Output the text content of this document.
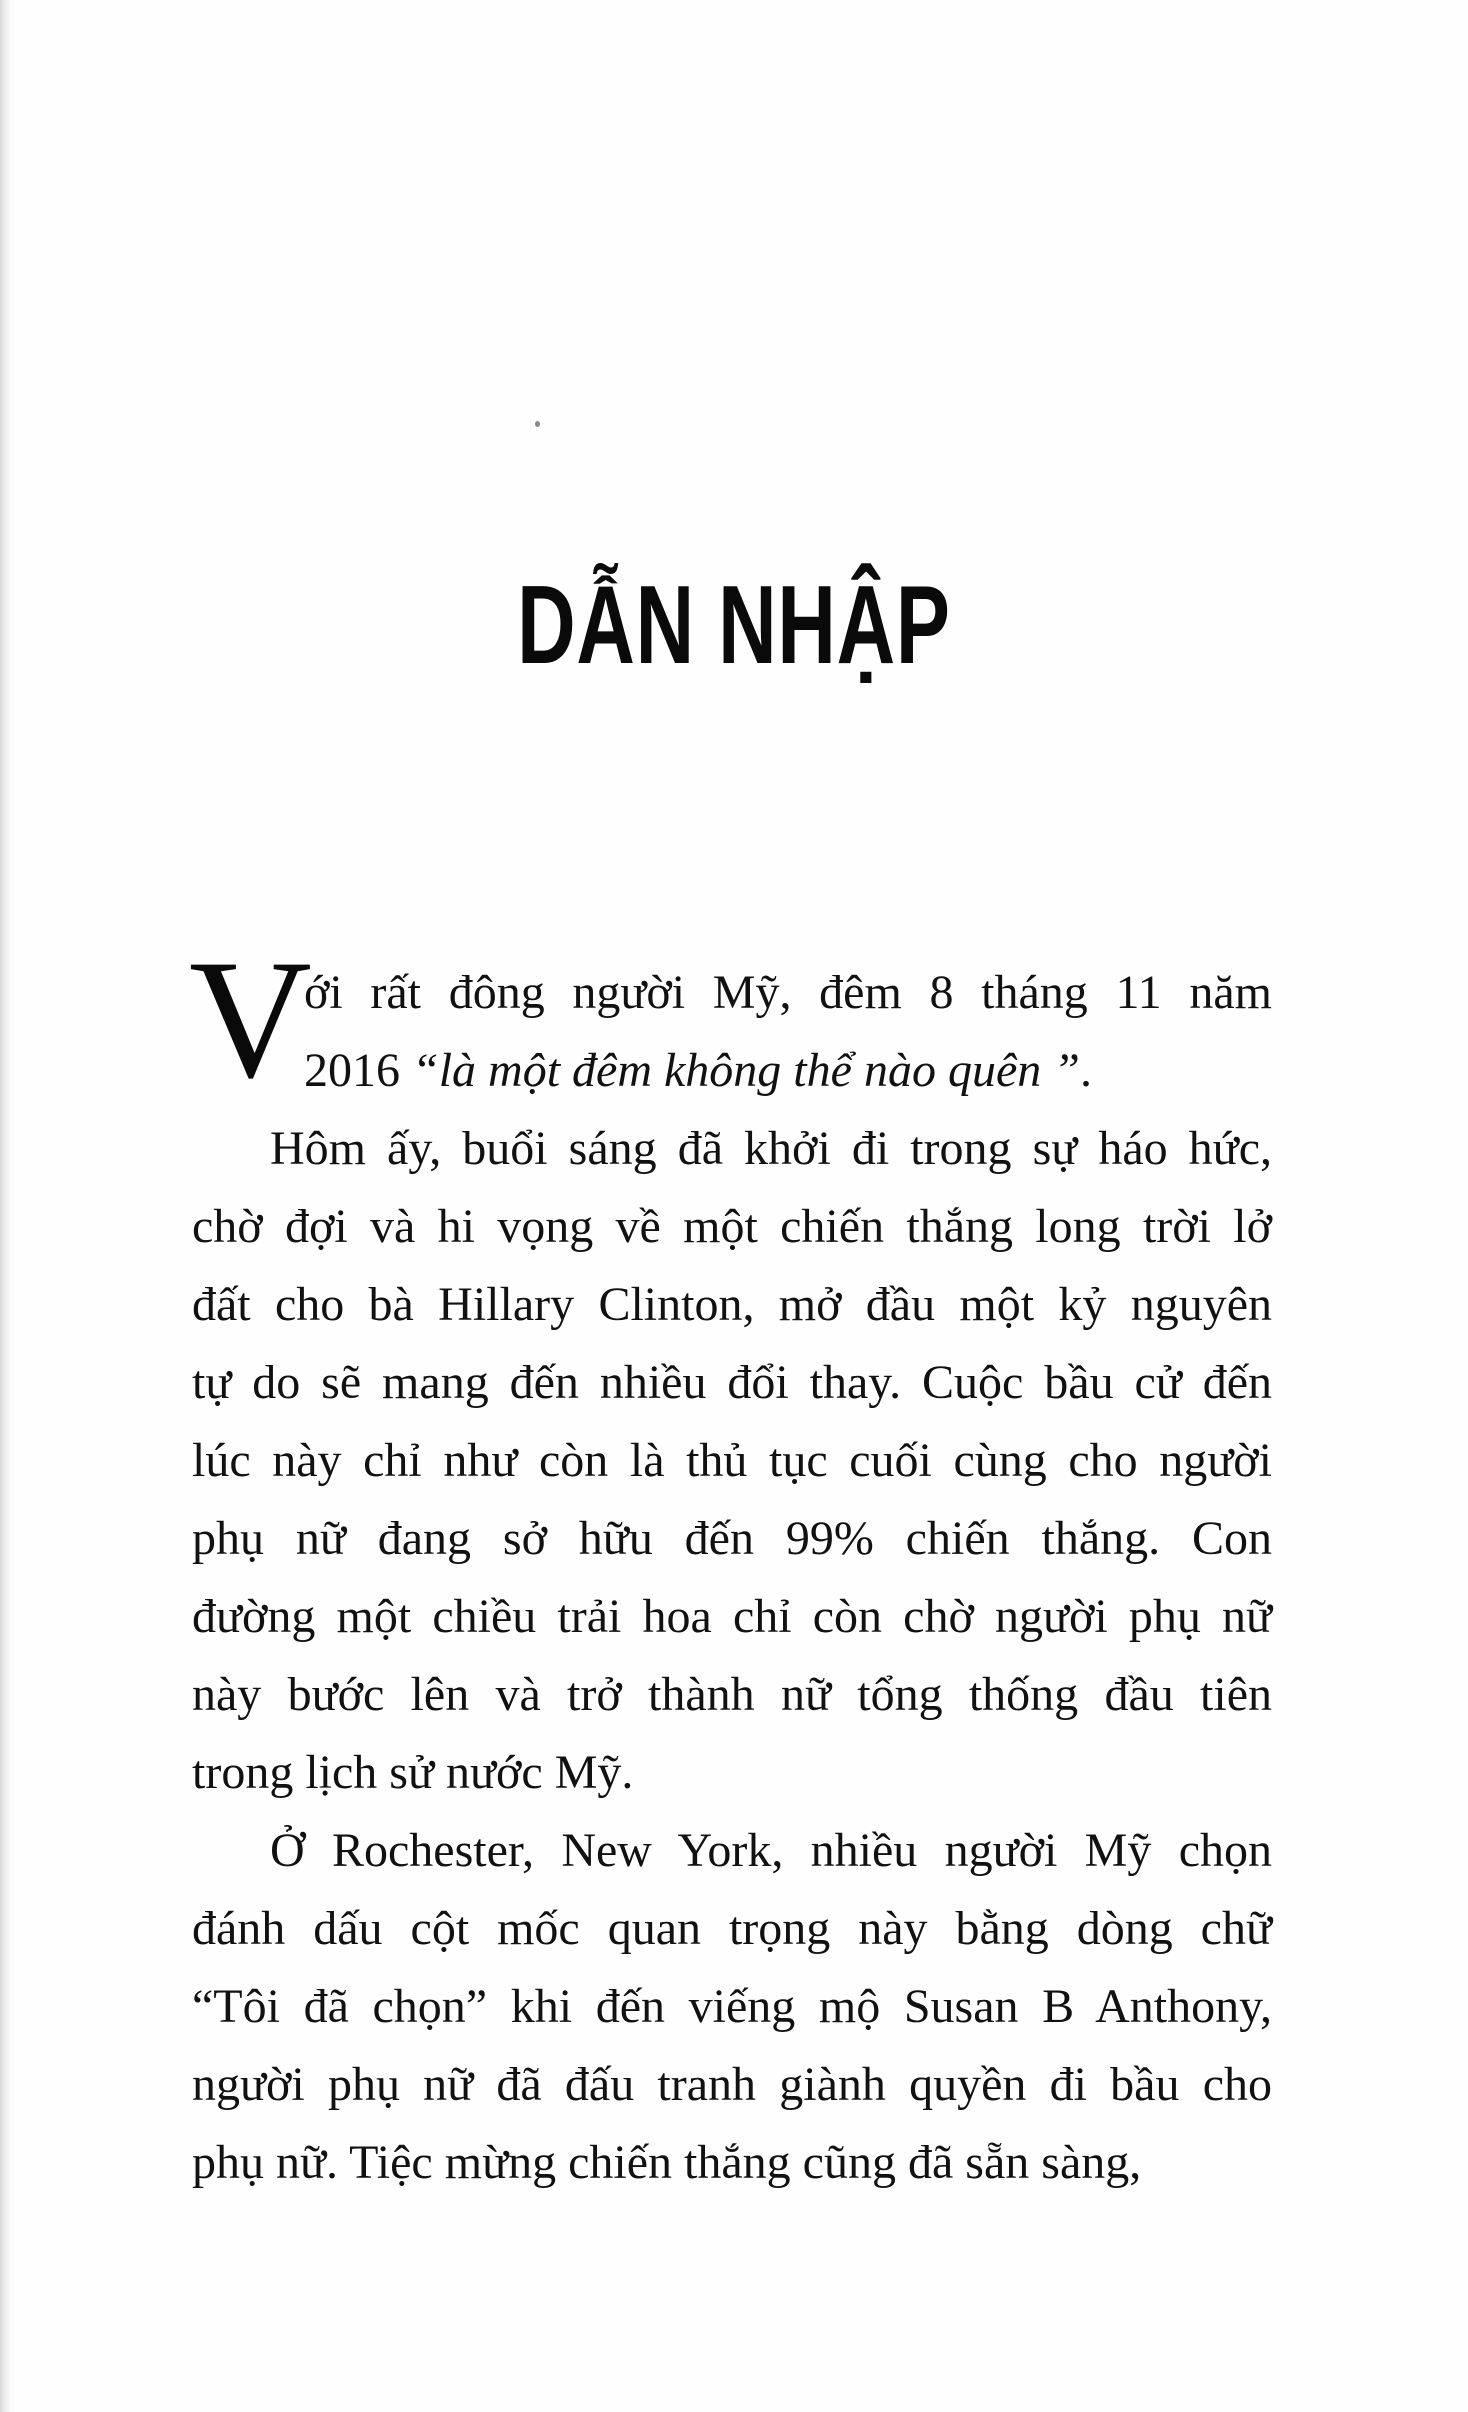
DẪN NHẬP
V
ới rất đông người Mỹ, đêm 8 tháng 11 năm
2016 “là một đêm không thể nào quên ”.
Hôm ấy, buổi sáng đã khởi đi trong sự háo hức,
chờ đợi và hi vọng về một chiến thắng long trời lở
đất cho bà Hillary Clinton, mở đầu một kỷ nguyên
tự do sẽ mang đến nhiều đổi thay. Cuộc bầu cử đến
lúc này chỉ như còn là thủ tục cuối cùng cho người
phụ nữ đang sở hữu đến 99% chiến thắng. Con
đường một chiều trải hoa chỉ còn chờ người phụ nữ
này bước lên và trở thành nữ tổng thống đầu tiên
trong lịch sử nước Mỹ.
Ở Rochester, New York, nhiều người Mỹ chọn
đánh dấu cột mốc quan trọng này bằng dòng chữ
“Tôi đã chọn” khi đến viếng mộ Susan B Anthony,
người phụ nữ đã đấu tranh giành quyền đi bầu cho
phụ nữ. Tiệc mừng chiến thắng cũng đã sẵn sàng,
